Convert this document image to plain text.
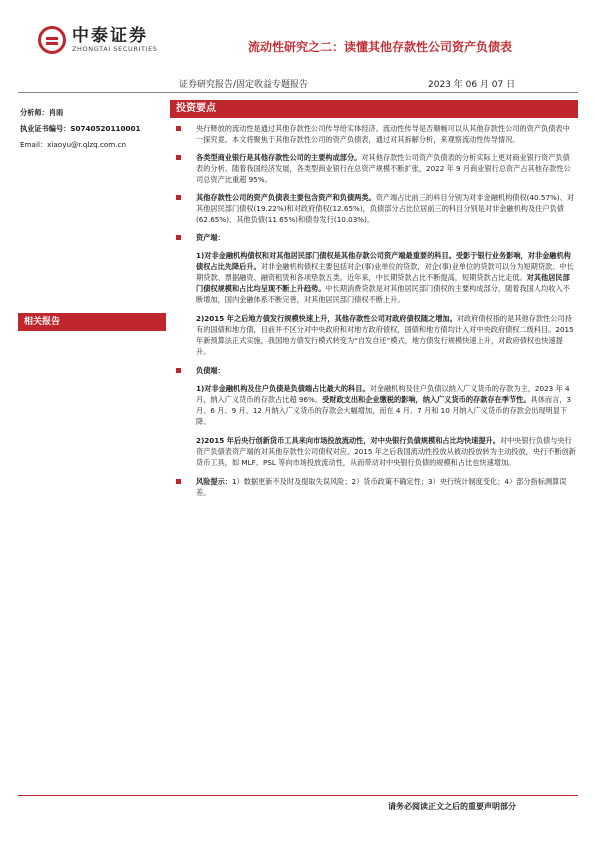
中泰证券
ZHONGTAI SECURITIES	流动性研究之二：读懂其他存款性公司资产负债表
证券研究报告/固定收益专题报告	2023 年 06 月 07 日
分析师：肖雨
执业证书编号：S0740520110001
Email：xiaoyu@r.qlzq.com.cn
相关报告
投资要点
央行释放的流动性是通过其他存款性公司传导给实体经济。流动性传导是否顺畅可以从其他存款性公司的资产负债表中一探究竟。本文将聚焦于其他存款性公司的资产负债表，通过对其拆解分析，来观察流动性传导情况。
各类型商业银行是其他存款性公司的主要构成部分。对其他存款性公司资产负债表的分析实际上更对商业银行资产负债表的分析。随着我国经济发展，各类型商业银行在总资产规模不断扩张，2022 年 9 月商业银行总资产占其他存款性公司总资产比重超 95%。
其他存款性公司的资产负债表主要包含资产和负债两类。资产端占比前三的科目分别为对非金融机构债权(40.57%)、对其他居民部门债权(19.22%)和对政府债权(12.65%)，负债部分占比位居前三的科目分别是对非金融机构及住户负债(62.65%)、其他负债(11.65%)和债券发行(10.03%)。
资产端：
1)对非金融机构债权和对其他居民部门债权是其他存款公司资产端最重要的科目。受影于银行业务影响，对非金融机构债权占比先降后升。对非金融机构债权主要包括对企(事)业单位的贷款，对企(事)业单位的贷款可以分为短期贷款、中长期贷款、票据融资、融资租赁和各项垫款五类。近年来，中长期贷款占比不断提高，短期贷款占比走低。对其他居民部门债权规模和占比均呈现不断上升趋势。中长期消费贷款是对其他居民部门债权的主要构成部分，随着我国人均收入不断增加，国内金融体系不断完善，对其他居民部门债权不断上升。
2)2015 年之后地方债发行规模快速上升，其他存款性公司对政府债权随之增加。对政府债权指的是其他存款性公司持有的国债和地方债，目前并不区分对中央政府和对地方政府债权，国债和地方债均计入对中央政府债权二级科目。2015 年新预算法正式实施，我国地方债发行模式转变为“自发自还”模式，地方债发行规模快速上升，对政府债权也快速提升。
负债端：
1)对非金融机构及住户负债是负债端占比最大的科目。对金融机构及住户负债以纳入广义货币的存款为主，2023 年 4 月，纳入广义货币的存款占比超 96%。受财政支出和企业缴税的影响，纳入广义货币的存款存在季节性。具体而言，3 月、6 月、9 月、12 月纳入广义货币的存款会大幅增加，而在 4 月、7 月和 10 月纳入广义货币的存款会出现明显下降。
2)2015 年后央行创新货币工具来向市场投放流动性，对中央银行负债规模和占比均快速提升。对中央银行负债与央行资产负债表资产端的对其他存款性公司债权对应。2015 年之后我国流动性投放从被动投放转为主动投放，央行不断创新货币工具，如 MLF、PSL 等向市场投放流动性，从而带动对中央银行负债的规模和占比也快速增加。
风险提示：1）数据更新不及时及提取失误风险；2）货币政策不确定性；3）央行统计制度变化；4）部分指标测算误差。
请务必阅读正文之后的重要声明部分
